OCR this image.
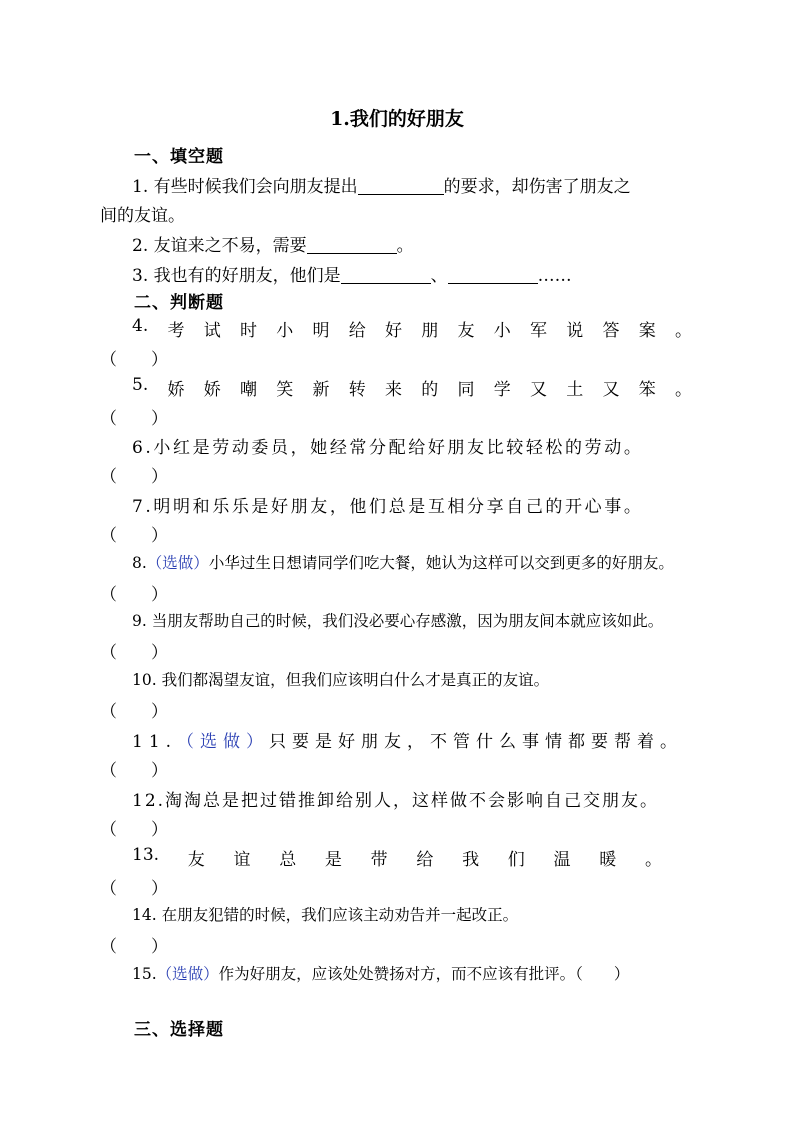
1.我们的好朋友
一、填空题
1. 有些时候我们会向朋友提出	的要求，却伤害了朋友之
间的友谊。
2. 友谊来之不易，需要	。
3. 我也有的好朋友，他们是	、	……
二、判断题
4. 考 试 时 小 明 给 好 朋 友 小 军 说 答 案 。
（　　）
5. 娇 娇 嘲 笑 新 转 来 的 同 学 又 土 又 笨 。
（　　）
6.小红是劳动委员，她经常分配给好朋友比较轻松的劳动。
（　　）
7.明明和乐乐是好朋友，他们总是互相分享自己的开心事。
（　　）
8.（选做）小华过生日想请同学们吃大餐，她认为这样可以交到更多的好朋友。
（　　）
9. 当朋友帮助自己的时候，我们没必要心存感激，因为朋友间本就应该如此。
（　　）
10. 我们都渴望友谊，但我们应该明白什么才是真正的友谊。
（　　）
11.（选做）只要是好朋友，不管什么事情都要帮着。
（　　）
12.淘淘总是把过错推卸给别人，这样做不会影响自己交朋友。
（　　）
13. 友 谊 总 是 带 给 我 们 温 暖 。
（　　）
14. 在朋友犯错的时候，我们应该主动劝告并一起改正。
（　　）
15.（选做）作为好朋友，应该处处赞扬对方，而不应该有批评。（　　）
三、选择题
